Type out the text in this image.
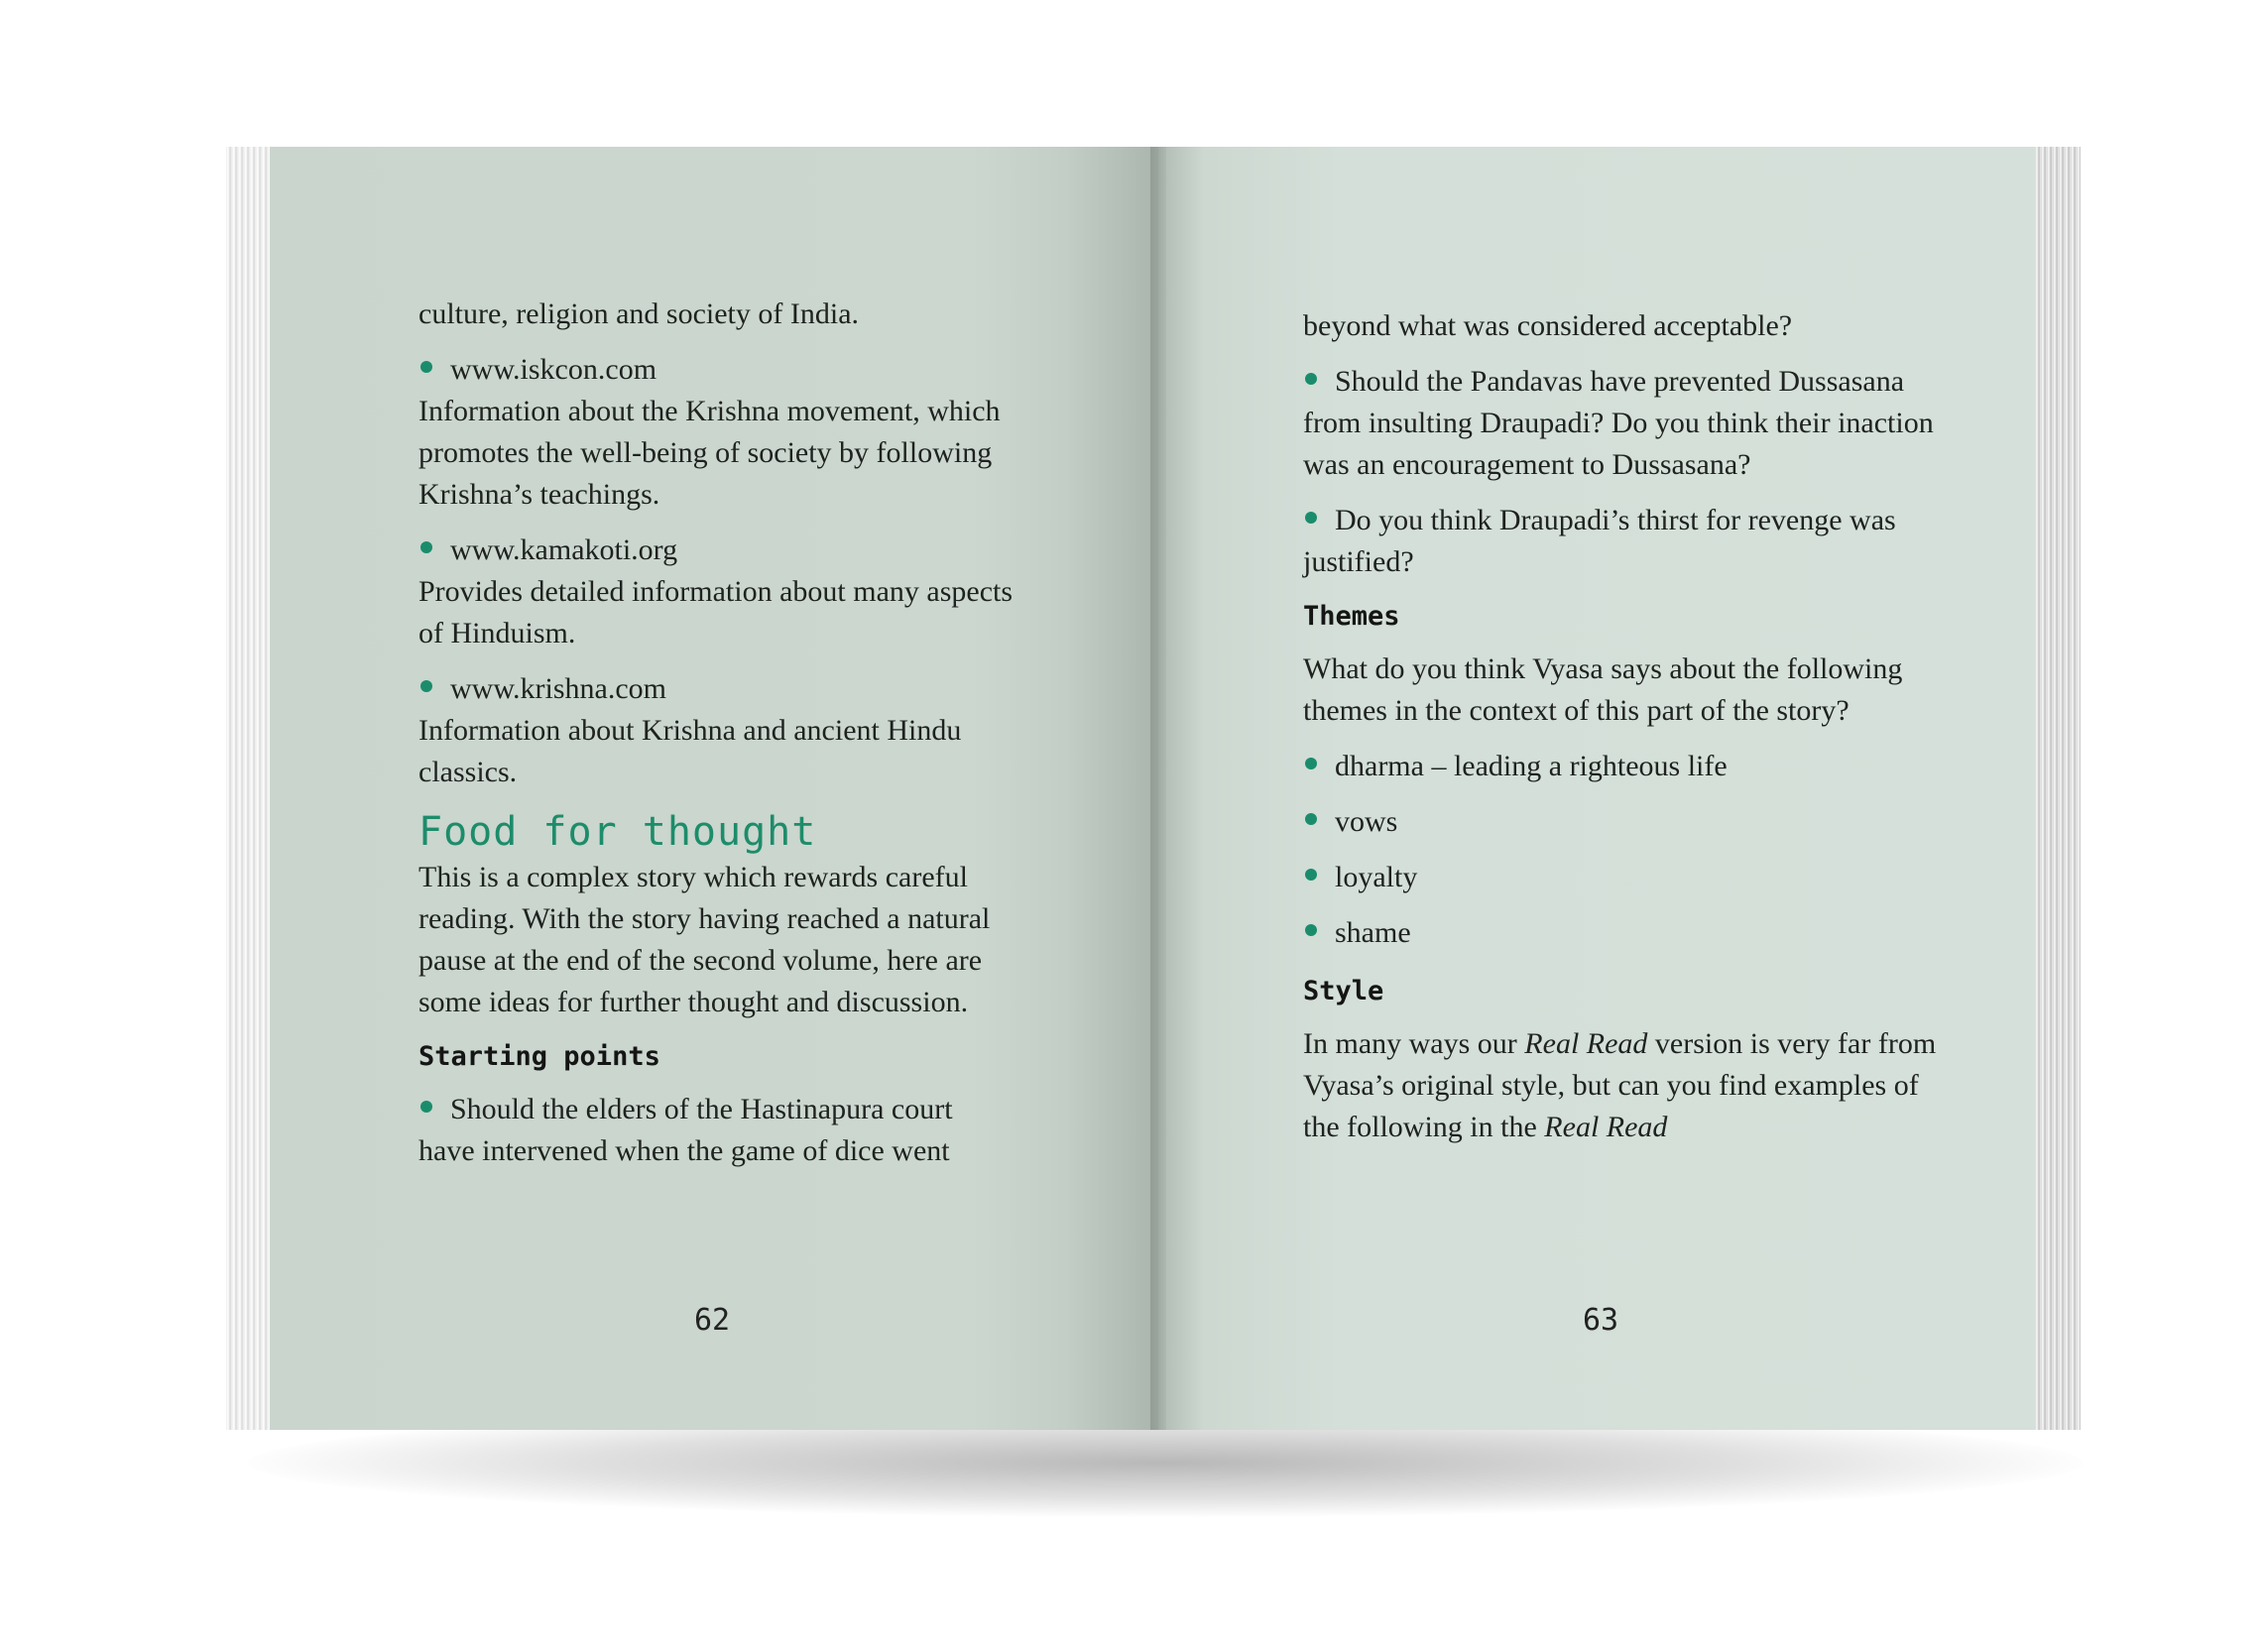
culture, religion and society of India.

www.iskcon.com
Information about the Krishna movement, which promotes the well-being of society by following Krishna’s teachings.
www.kamakoti.org
Provides detailed information about many aspects of Hinduism.
www.krishna.com
Information about Krishna and ancient Hindu classics.
Food for thought

This is a complex story which rewards careful reading. With the story having reached a natural pause at the end of the second volume, here are some ideas for further thought and discussion.

Starting points
Should the elders of the Hastinapura court have intervened when the game of dice went
62

beyond what was considered acceptable?

Should the Pandavas have prevented Dussasana from insulting Draupadi? Do you think their inaction was an encouragement to Dussasana?
Do you think Draupadi’s thirst for revenge was justified?
Themes

What do you think Vyasa says about the following themes in the context of this part of the story?

dharma – leading a righteous life
vows
loyalty
shame
Style

In many ways our Real Read version is very far from Vyasa’s original style, but can you find examples of the following in the Real Read

63
